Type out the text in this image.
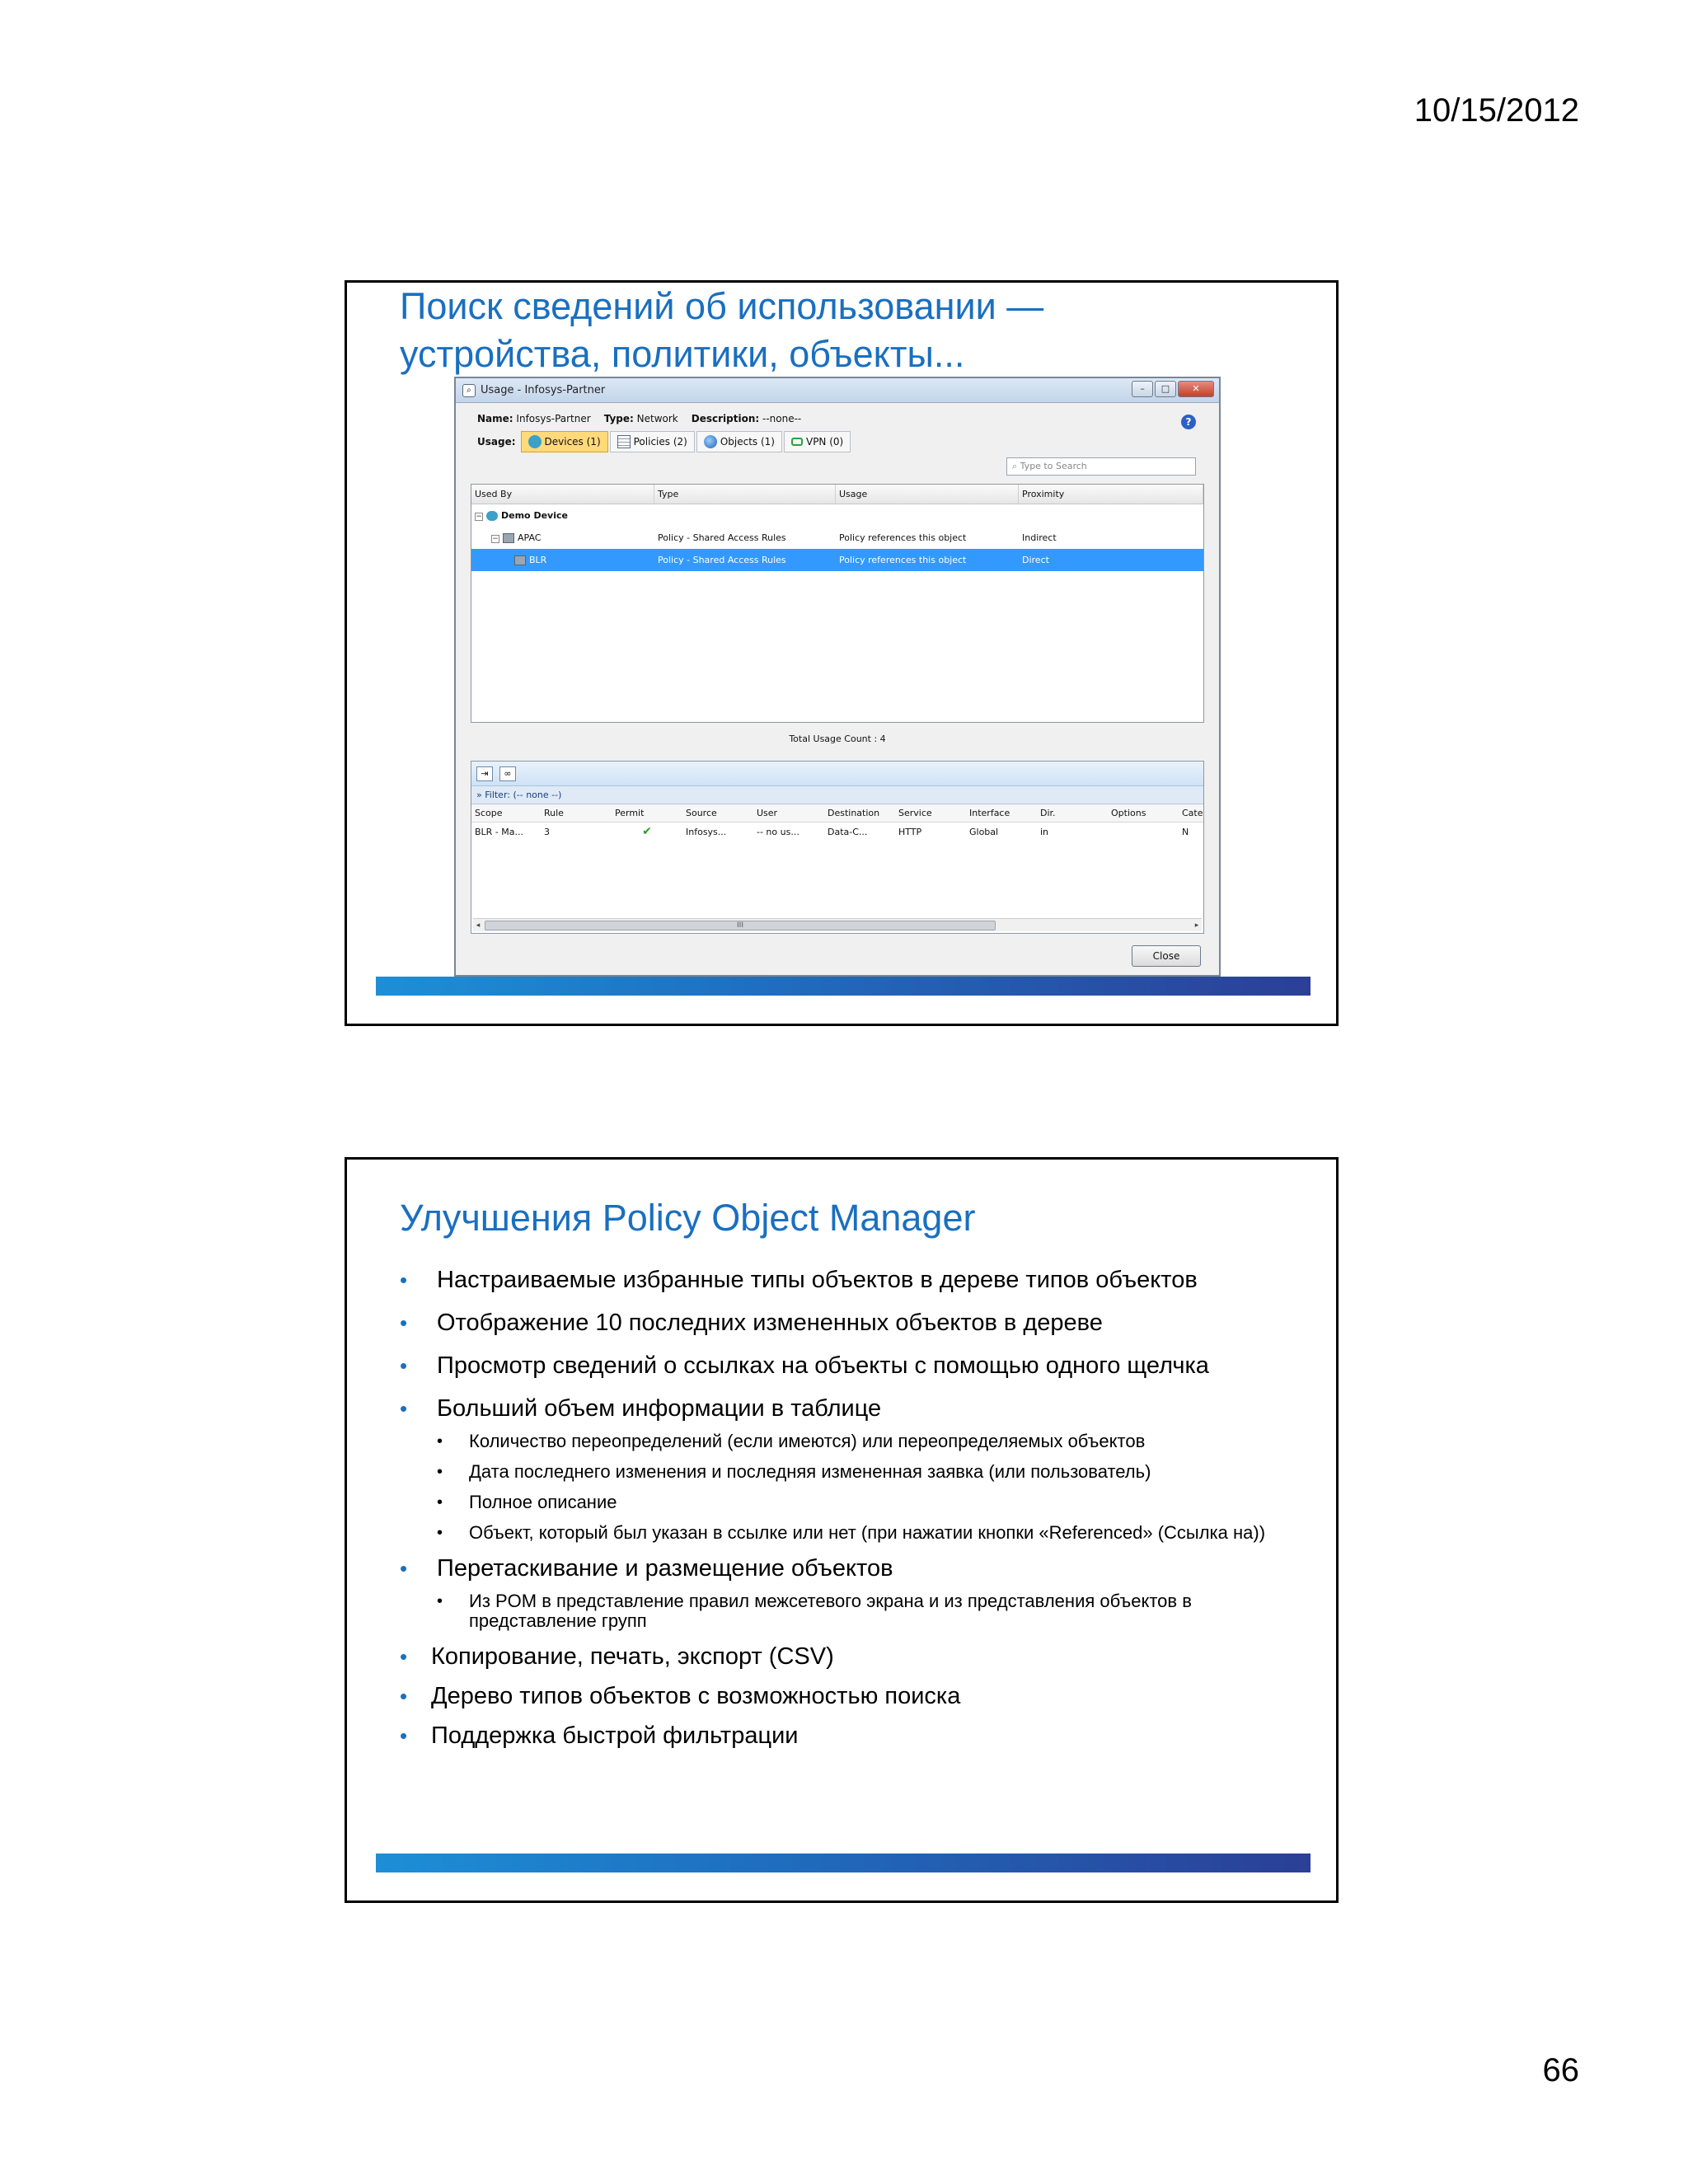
10/15/2012
Поиск сведений об использовании —
устройства, политики, объекты...
⌕ Usage - Infosys-Partner	–	□	✕
Name: Infosys-Partner Type: Network Description: --none--	?
Usage:	Devices (1)	Policies (2)	Objects (1)	VPN (0)
⌕ Type to Search
Used By	Type	Usage	Proximity
− Demo Device
− APAC	Policy - Shared Access Rules	Policy references this object	Indirect
BLR	Policy - Shared Access Rules	Policy references this object	Direct
Total Usage Count : 4
⇥	∞
» Filter: (-- none --)
Scope	Rule	Permit	Source	User	Destination	Service	Interface	Dir.	Options	Cate
BLR - Ma...	3	✔	Infosys...	-- no us...	Data-C...	HTTP	Global	in	N
◂	III	▸
Close
Улучшения Policy Object Manager
• Настраиваемые избранные типы объектов в дереве типов объектов
• Отображение 10 последних измененных объектов в дереве
• Просмотр сведений о ссылках на объекты с помощью одного щелчка
• Больший объем информации в таблице
• Количество переопределений (если имеются) или переопределяемых объектов
• Дата последнего изменения и последняя измененная заявка (или пользователь)
• Полное описание
• Объект, который был указан в ссылке или нет (при нажатии кнопки «Referenced» (Ссылка на))
• Перетаскивание и размещение объектов
• Из POM в представление правил межсетевого экрана и из представления объектов в представление групп
• Копирование, печать, экспорт (CSV)
• Дерево типов объектов с возможностью поиска
• Поддержка быстрой фильтрации
66
